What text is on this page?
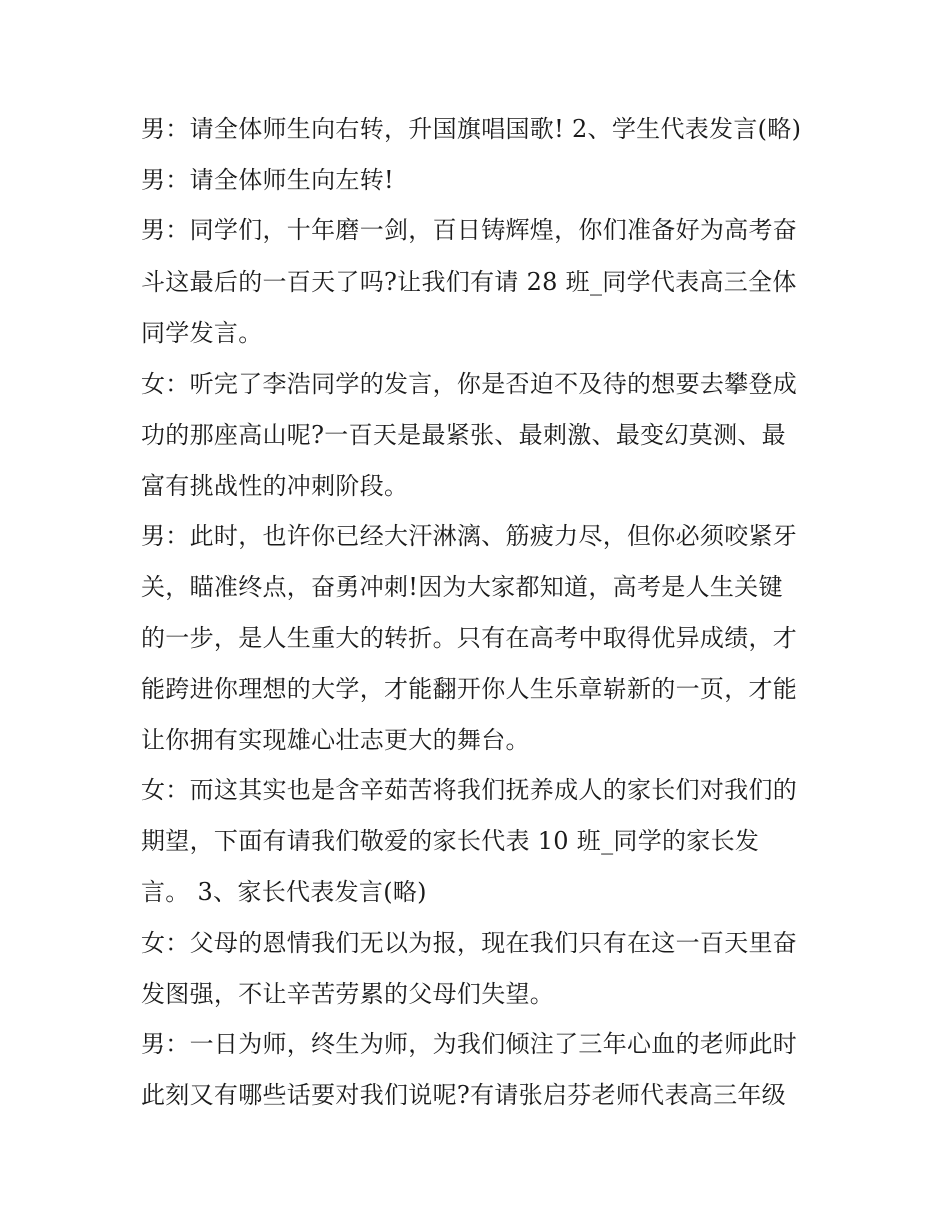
男：请全体师生向右转，升国旗唱国歌! 2、学生代表发言(略)
男：请全体师生向左转!
男：同学们，十年磨一剑，百日铸辉煌，你们准备好为高考奋
斗这最后的一百天了吗?让我们有请 28 班_同学代表高三全体
同学发言。
女：听完了李浩同学的发言，你是否迫不及待的想要去攀登成
功的那座高山呢?一百天是最紧张、最刺激、最变幻莫测、最
富有挑战性的冲刺阶段。
男：此时，也许你已经大汗淋漓、筋疲力尽，但你必须咬紧牙
关，瞄准终点，奋勇冲刺!因为大家都知道，高考是人生关键
的一步，是人生重大的转折。只有在高考中取得优异成绩，才
能跨进你理想的大学，才能翻开你人生乐章崭新的一页，才能
让你拥有实现雄心壮志更大的舞台。
女：而这其实也是含辛茹苦将我们抚养成人的家长们对我们的
期望，下面有请我们敬爱的家长代表 10 班_同学的家长发
言。 3、家长代表发言(略)
女：父母的恩情我们无以为报，现在我们只有在这一百天里奋
发图强，不让辛苦劳累的父母们失望。
男：一日为师，终生为师，为我们倾注了三年心血的老师此时
此刻又有哪些话要对我们说呢?有请张启芬老师代表高三年级
